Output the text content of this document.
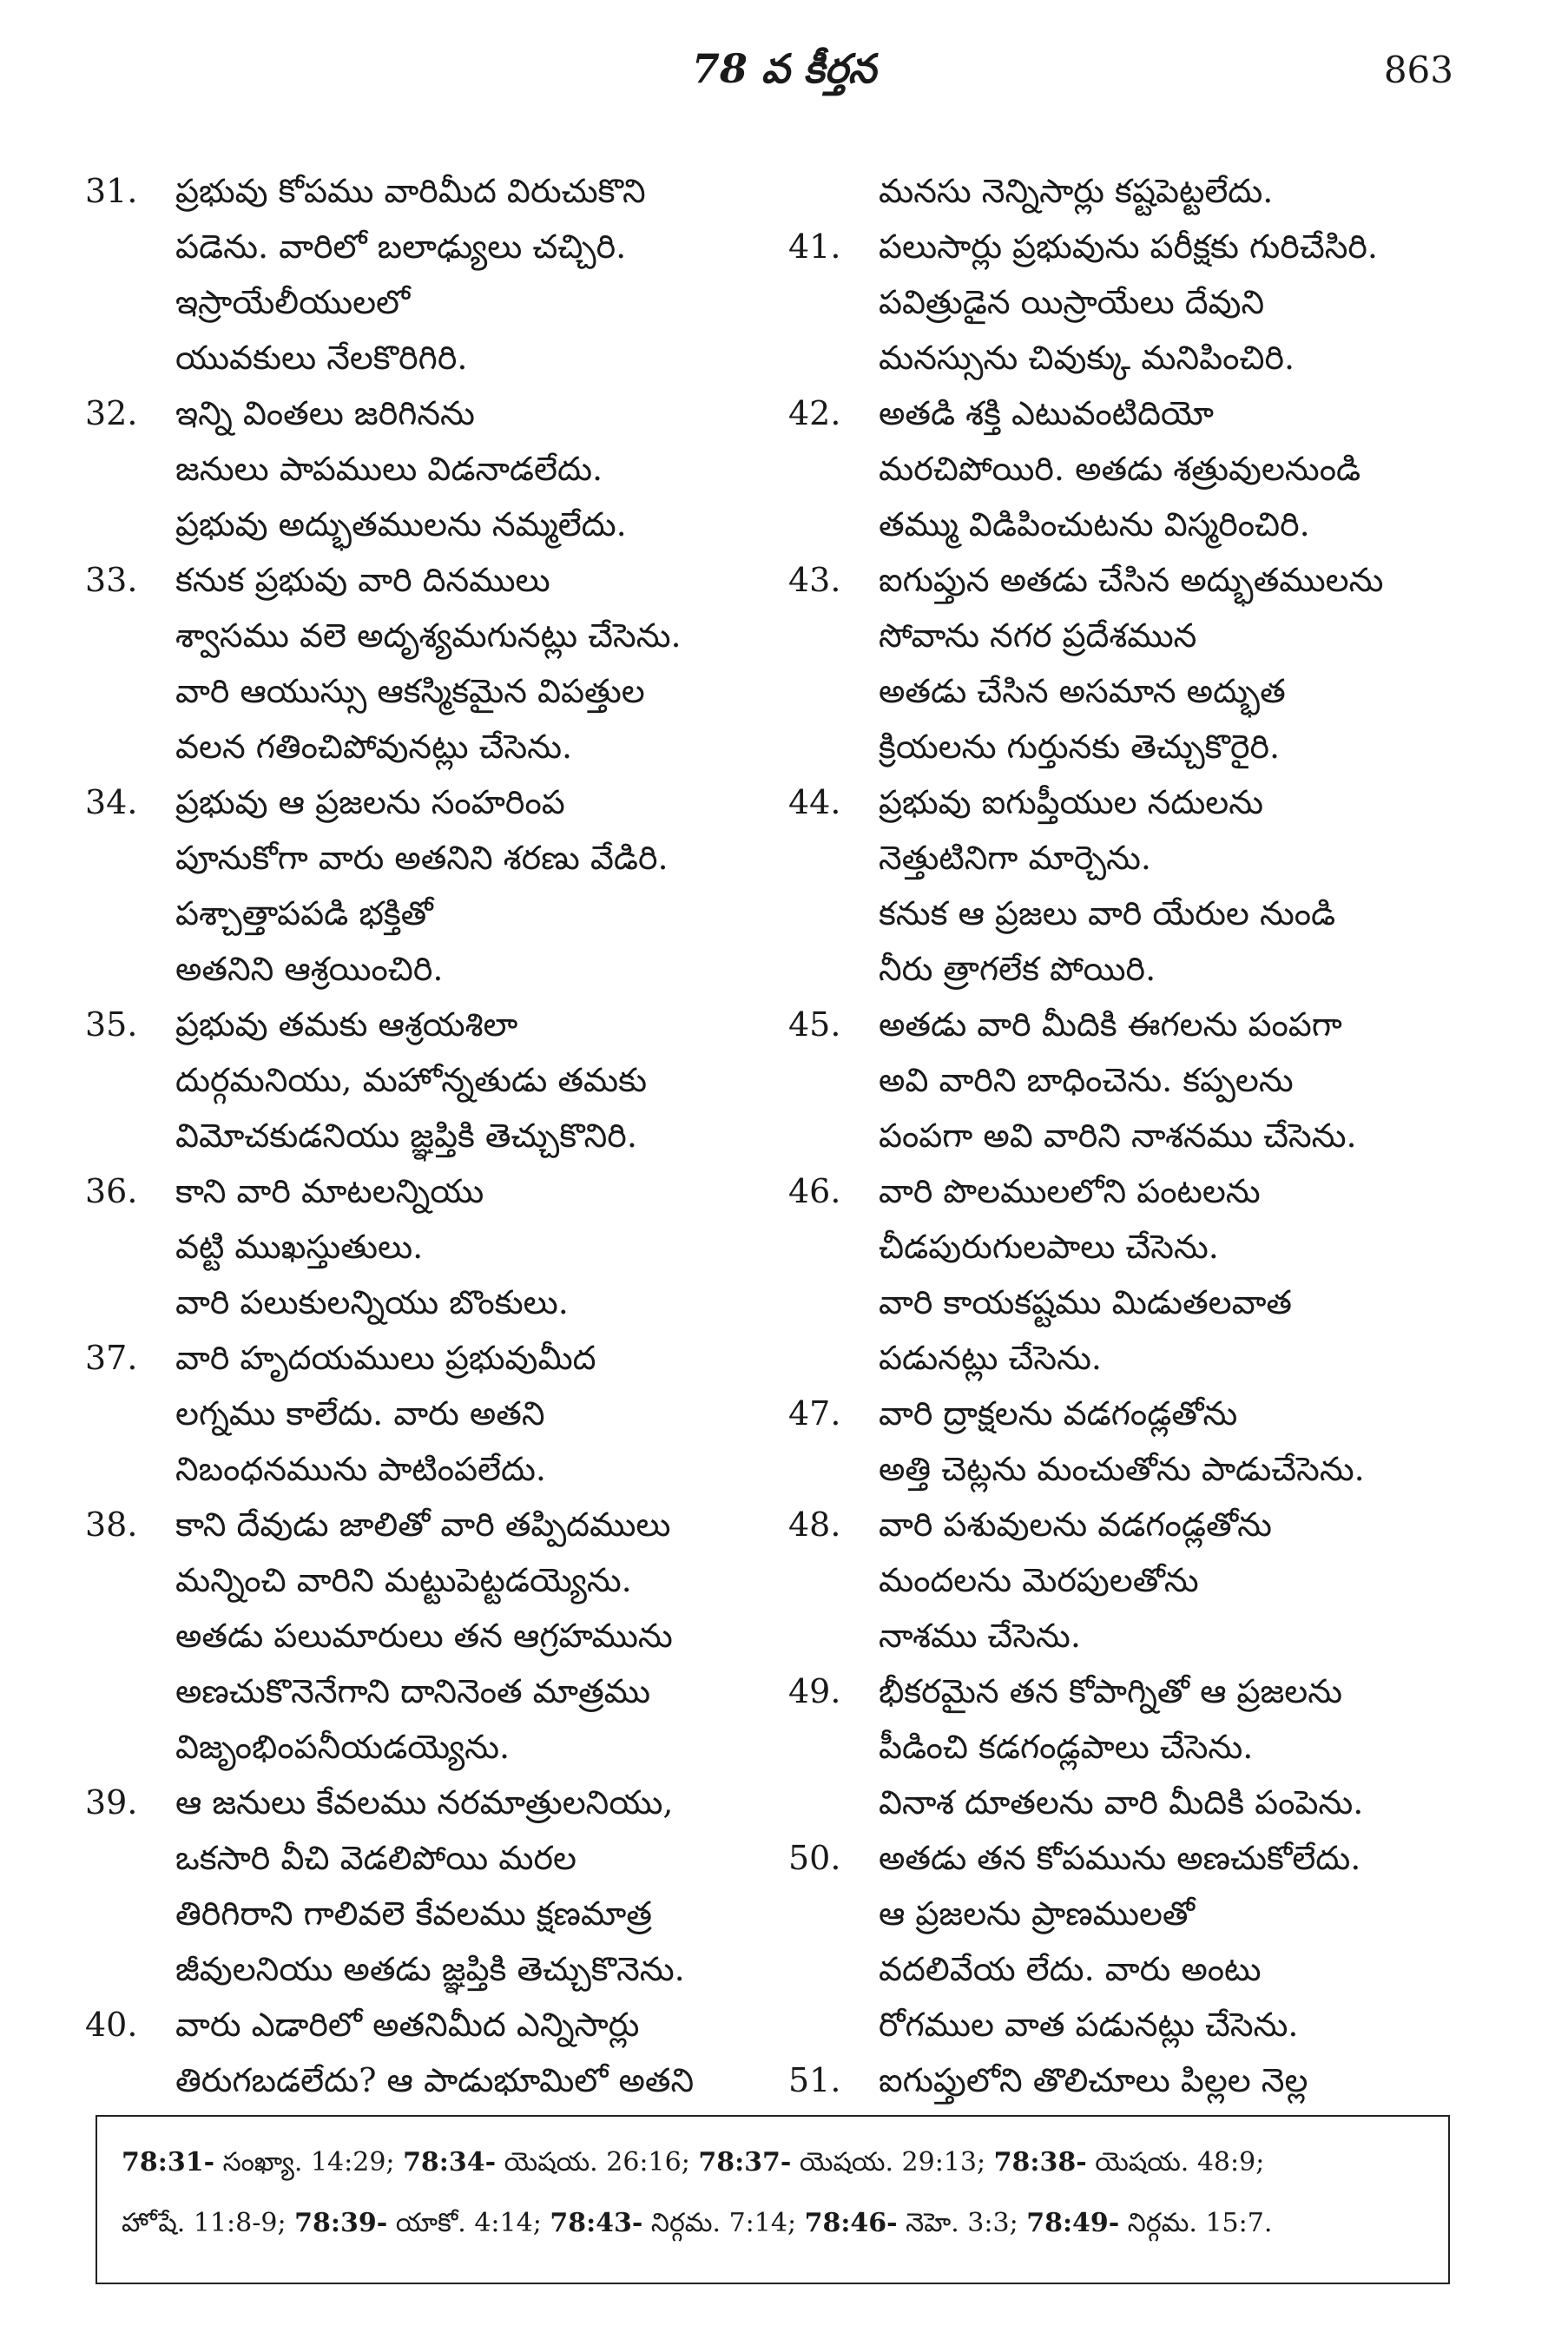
78 వ కీర్తన	863
31.	ప్రభువు కోపము వారిమీద విరుచుకొని
పడెను. వారిలో బలాఢ్యులు చచ్చిరి.
ఇస్రాయేలీయులలో
యువకులు నేలకొరిగిరి.
32.	ఇన్ని వింతలు జరిగినను
జనులు పాపములు విడనాడలేదు.
ప్రభువు అద్భుతములను నమ్మలేదు.
33.	కనుక ప్రభువు వారి దినములు
శ్వాసము వలె అదృశ్యమగునట్లు చేసెను.
వారి ఆయుస్సు ఆకస్మికమైన విపత్తుల
వలన గతించిపోవునట్లు చేసెను.
34.	ప్రభువు ఆ ప్రజలను సంహరింప
పూనుకోగా వారు అతనిని శరణు వేడిరి.
పశ్చాత్తాపపడి భక్తితో
అతనిని ఆశ్రయించిరి.
35.	ప్రభువు తమకు ఆశ్రయశిలా
దుర్గమనియు, మహోన్నతుడు తమకు
విమోచకుడనియు జ్ఞప్తికి తెచ్చుకొనిరి.
36.	కాని వారి మాటలన్నియు
వట్టి ముఖస్తుతులు.
వారి పలుకులన్నియు బొంకులు.
37.	వారి హృదయములు ప్రభువుమీద
లగ్నము కాలేదు. వారు అతని
నిబంధనమును పాటింపలేదు.
38.	కాని దేవుడు జాలితో వారి తప్పిదములు
మన్నించి వారిని మట్టుపెట్టడయ్యెను.
అతడు పలుమారులు తన ఆగ్రహమును
అణచుకొనెనేగాని దానినెంత మాత్రము
విజృంభింపనీయడయ్యెను.
39.	ఆ జనులు కేవలము నరమాత్రులనియు,
ఒకసారి వీచి వెడలిపోయి మరల
తిరిగిరాని గాలివలె కేవలము క్షణమాత్ర
జీవులనియు అతడు జ్ఞప్తికి తెచ్చుకొనెను.
40.	వారు ఎడారిలో అతనిమీద ఎన్నిసార్లు
తిరుగబడలేదు? ఆ పాడుభూమిలో అతని
మనసు నెన్నిసార్లు కష్టపెట్టలేదు.
41.	పలుసార్లు ప్రభువును పరీక్షకు గురిచేసిరి.
పవిత్రుడైన యిస్రాయేలు దేవుని
మనస్సును చివుక్కు మనిపించిరి.
42.	అతడి శక్తి ఎటువంటిదియో
మరచిపోయిరి. అతడు శత్రువులనుండి
తమ్ము విడిపించుటను విస్మరించిరి.
43.	ఐగుప్తున అతడు చేసిన అద్భుతములను
సోవాను నగర ప్రదేశమున
అతడు చేసిన అసమాన అద్భుత
క్రియలను గుర్తునకు తెచ్చుకొరైరి.
44.	ప్రభువు ఐగుప్తీయుల నదులను
నెత్తుటినిగా మార్చెను.
కనుక ఆ ప్రజలు వారి యేరుల నుండి
నీరు త్రాగలేక పోయిరి.
45.	అతడు వారి మీదికి ఈగలను పంపగా
అవి వారిని బాధించెను. కప్పలను
పంపగా అవి వారిని నాశనము చేసెను.
46.	వారి పొలములలోని పంటలను
చీడపురుగులపాలు చేసెను.
వారి కాయకష్టము మిడుతలవాత
పడునట్లు చేసెను.
47.	వారి ద్రాక్షలను వడగండ్లతోను
అత్తి చెట్లను మంచుతోను పాడుచేసెను.
48.	వారి పశువులను వడగండ్లతోను
మందలను మెరపులతోను
నాశము చేసెను.
49.	భీకరమైన తన కోపాగ్నితో ఆ ప్రజలను
పీడించి కడగండ్లపాలు చేసెను.
వినాశ దూతలను వారి మీదికి పంపెను.
50.	అతడు తన కోపమును అణచుకోలేదు.
ఆ ప్రజలను ప్రాణములతో
వదలివేయ లేదు. వారు అంటు
రోగముల వాత పడునట్లు చేసెను.
51.	ఐగుప్తులోని తొలిచూలు పిల్లల నెల్ల
78:31- సంఖ్యా. 14:29; 78:34- యెషయ. 26:16; 78:37- యెషయ. 29:13; 78:38- యెషయ. 48:9;
హోషే. 11:8-9; 78:39- యాకో. 4:14; 78:43- నిర్గమ. 7:14; 78:46- నెహె. 3:3; 78:49- నిర్గమ. 15:7.
